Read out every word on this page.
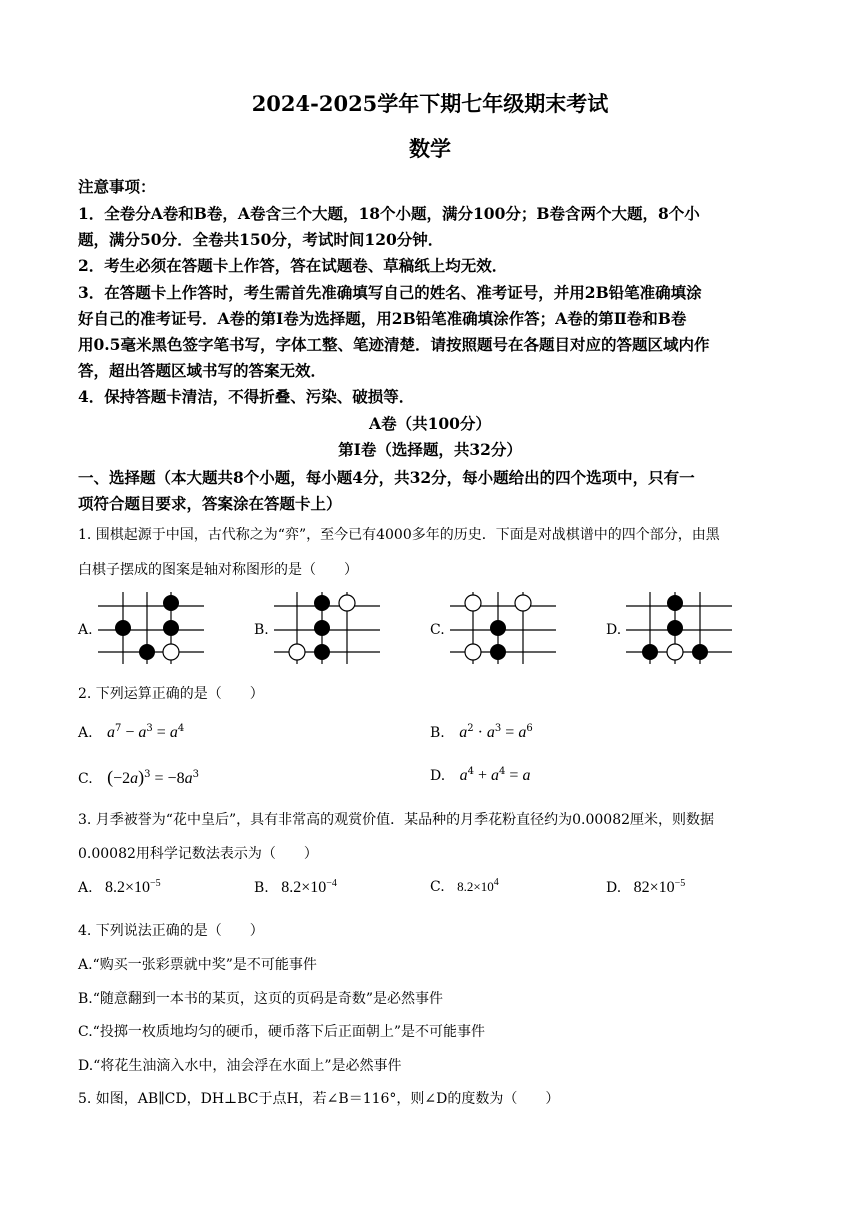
2024-2025学年下期七年级期末考试
数学
注意事项：
1．全卷分A卷和B卷，A卷含三个大题，18个小题，满分100分；B卷含两个大题，8个小
题，满分50分．全卷共150分，考试时间120分钟．
2．考生必须在答题卡上作答，答在试题卷、草稿纸上均无效．
3．在答题卡上作答时，考生需首先准确填写自己的姓名、准考证号，并用2B铅笔准确填涂
好自己的准考证号．A卷的第Ⅰ卷为选择题，用2B铅笔准确填涂作答；A卷的第Ⅱ卷和B卷
用0.5毫米黑色签字笔书写，字体工整、笔迹清楚．请按照题号在各题目对应的答题区域内作
答，超出答题区域书写的答案无效．
4．保持答题卡清洁，不得折叠、污染、破损等．
A卷（共100分）
第Ⅰ卷（选择题，共32分）
一、选择题（本大题共8个小题，每小题4分，共32分，每小题给出的四个选项中，只有一
项符合题目要求，答案涂在答题卡上）
1. 围棋起源于中国，古代称之为“弈”，至今已有4000多年的历史．下面是对战棋谱中的四个部分，由黑
白棋子摆成的图案是轴对称图形的是（　　）
A.	B.	C.	D.
2. 下列运算正确的是（　　）
A. $a^7 - a^3 = a^4$	B. $a^2 \cdot a^3 = a^6$
C. $(-2a)^3 = -8a^3$	D. $a^4 + a^4 = a$
3. 月季被誉为“花中皇后”，具有非常高的观赏价值．某品种的月季花粉直径约为0.00082厘米，则数据
0.00082用科学记数法表示为（　　）
A. $8.2\times 10^{-5}$	B. $8.2\times 10^{-4}$	C. $8.2\times 10^4$	D. $82\times 10^{-5}$
4. 下列说法正确的是（　　）
A.“购买一张彩票就中奖”是不可能事件
B.“随意翻到一本书的某页，这页的页码是奇数”是必然事件
C.“投掷一枚质地均匀的硬币，硬币落下后正面朝上”是不可能事件
D.“将花生油滴入水中，油会浮在水面上”是必然事件
5. 如图，AB∥CD，DH⊥BC于点H，若∠B＝116°，则∠D的度数为（　　）
